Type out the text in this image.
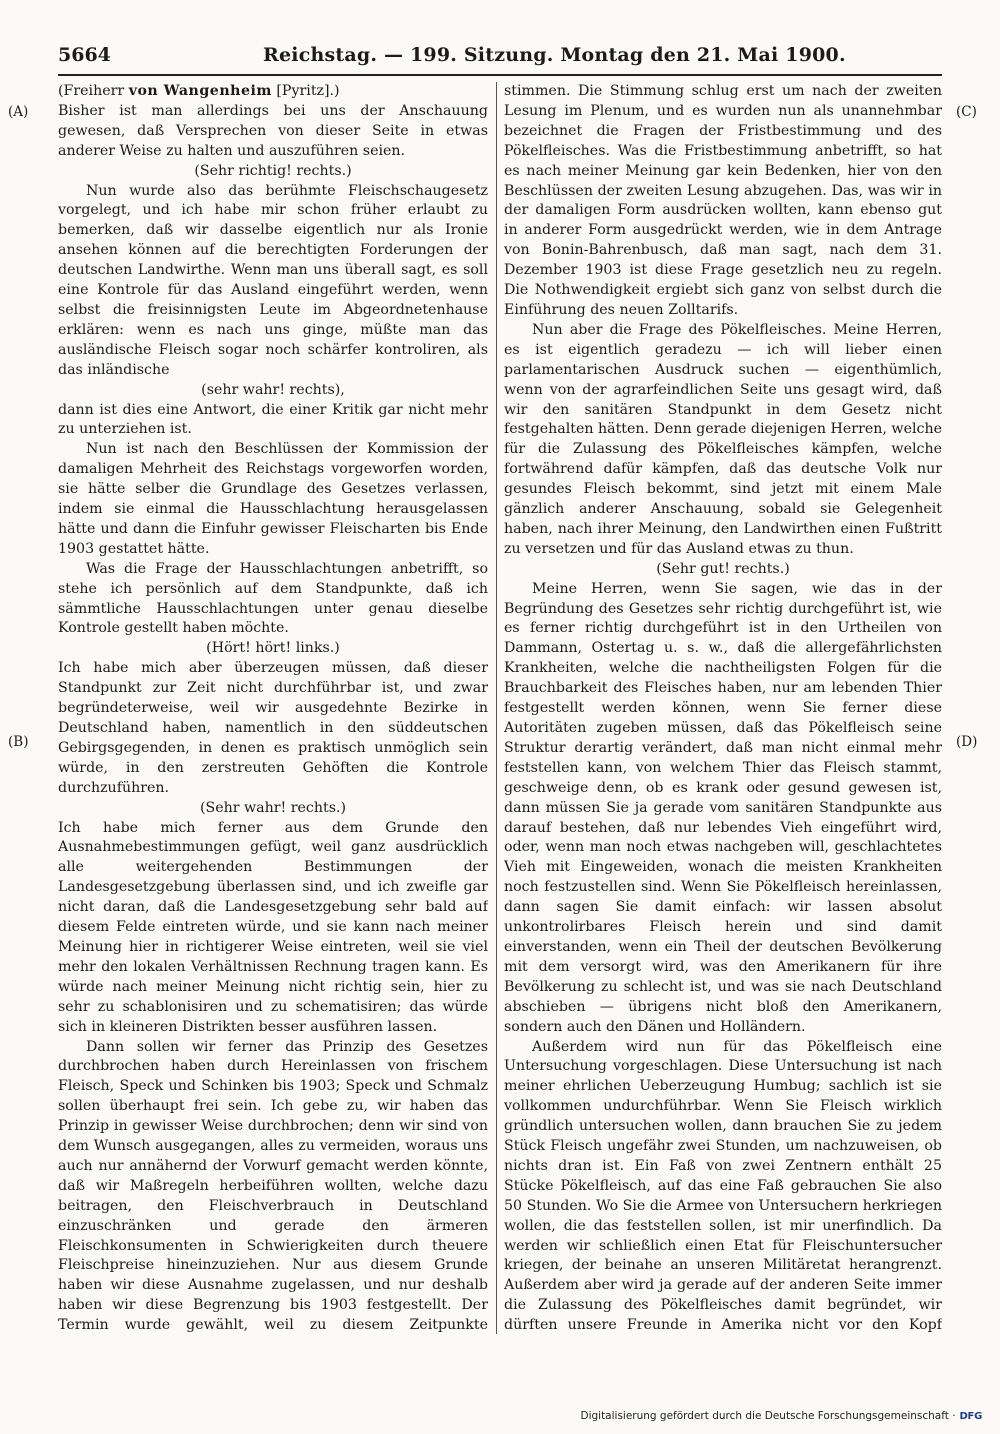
5664	Reichstag. — 199. Sitzung. Montag den 21. Mai 1900.
(A)
(B)
(C)
(D)

(Freiherr von Wangenheim [Pyritz].)

Bisher ist man allerdings bei uns der Anschauung gewesen, daß Versprechen von dieser Seite in etwas anderer Weise zu halten und auszuführen seien.

(Sehr richtig! rechts.)

Nun wurde also das berühmte Fleischschaugesetz vorgelegt, und ich habe mir schon früher erlaubt zu bemerken, daß wir dasselbe eigentlich nur als Ironie ansehen können auf die berechtigten Forderungen der deutschen Landwirthe. Wenn man uns überall sagt, es soll eine Kontrole für das Ausland eingeführt werden, wenn selbst die freisinnigsten Leute im Abgeordnetenhause erklären: wenn es nach uns ginge, müßte man das ausländische Fleisch sogar noch schärfer kontroliren, als das inländische

(sehr wahr! rechts),

dann ist dies eine Antwort, die einer Kritik gar nicht mehr zu unterziehen ist.

Nun ist nach den Beschlüssen der Kommission der damaligen Mehrheit des Reichstags vorgeworfen worden, sie hätte selber die Grundlage des Gesetzes verlassen, indem sie einmal die Hausschlachtung herausgelassen hätte und dann die Einfuhr gewisser Fleischarten bis Ende 1903 gestattet hätte.

Was die Frage der Hausschlachtungen anbetrifft, so stehe ich persönlich auf dem Standpunkte, daß ich sämmtliche Hausschlachtungen unter genau dieselbe Kontrole gestellt haben möchte.

(Hört! hört! links.)

Ich habe mich aber überzeugen müssen, daß dieser Standpunkt zur Zeit nicht durchführbar ist, und zwar begründeterweise, weil wir ausgedehnte Bezirke in Deutschland haben, namentlich in den süddeutschen Gebirgsgegenden, in denen es praktisch unmöglich sein würde, in den zerstreuten Gehöften die Kontrole durchzuführen.

(Sehr wahr! rechts.)

Ich habe mich ferner aus dem Grunde den Ausnahmebestimmungen gefügt, weil ganz ausdrücklich alle weitergehenden Bestimmungen der Landesgesetzgebung überlassen sind, und ich zweifle gar nicht daran, daß die Landesgesetzgebung sehr bald auf diesem Felde eintreten würde, und sie kann nach meiner Meinung hier in richtigerer Weise eintreten, weil sie viel mehr den lokalen Verhältnissen Rechnung tragen kann. Es würde nach meiner Meinung nicht richtig sein, hier zu sehr zu schablonisiren und zu schematisiren; das würde sich in kleineren Distrikten besser ausführen lassen.

Dann sollen wir ferner das Prinzip des Gesetzes durchbrochen haben durch Hereinlassen von frischem Fleisch, Speck und Schinken bis 1903; Speck und Schmalz sollen überhaupt frei sein. Ich gebe zu, wir haben das Prinzip in gewisser Weise durchbrochen; denn wir sind von dem Wunsch ausgegangen, alles zu vermeiden, woraus uns auch nur annähernd der Vorwurf gemacht werden könnte, daß wir Maßregeln herbeiführen wollten, welche dazu beitragen, den Fleischverbrauch in Deutschland einzuschränken und gerade den ärmeren Fleischkonsumenten in Schwierigkeiten durch theuere Fleischpreise hineinzuziehen. Nur aus diesem Grunde haben wir diese Ausnahme zugelassen, und nur deshalb haben wir diese Begrenzung bis 1903 festgestellt. Der Termin wurde gewählt, weil zu diesem Zeitpunkte

stimmen. Die Stimmung schlug erst um nach der zweiten Lesung im Plenum, und es wurden nun als unannehmbar bezeichnet die Fragen der Fristbestimmung und des Pökelfleisches. Was die Fristbestimmung anbetrifft, so hat es nach meiner Meinung gar kein Bedenken, hier von den Beschlüssen der zweiten Lesung abzugehen. Das, was wir in der damaligen Form ausdrücken wollten, kann ebenso gut in anderer Form ausgedrückt werden, wie in dem Antrage von Bonin-Bahrenbusch, daß man sagt, nach dem 31. Dezember 1903 ist diese Frage gesetzlich neu zu regeln. Die Nothwendigkeit ergiebt sich ganz von selbst durch die Einführung des neuen Zolltarifs.

Nun aber die Frage des Pökelfleisches. Meine Herren, es ist eigentlich geradezu — ich will lieber einen parlamentarischen Ausdruck suchen — eigenthümlich, wenn von der agrarfeindlichen Seite uns gesagt wird, daß wir den sanitären Standpunkt in dem Gesetz nicht festgehalten hätten. Denn gerade diejenigen Herren, welche für die Zulassung des Pökelfleisches kämpfen, welche fortwährend dafür kämpfen, daß das deutsche Volk nur gesundes Fleisch bekommt, sind jetzt mit einem Male gänzlich anderer Anschauung, sobald sie Gelegenheit haben, nach ihrer Meinung, den Landwirthen einen Fußtritt zu versetzen und für das Ausland etwas zu thun.

(Sehr gut! rechts.)

Meine Herren, wenn Sie sagen, wie das in der Begründung des Gesetzes sehr richtig durchgeführt ist, wie es ferner richtig durchgeführt ist in den Urtheilen von Dammann, Ostertag u. s. w., daß die allergefährlichsten Krankheiten, welche die nachtheiligsten Folgen für die Brauchbarkeit des Fleisches haben, nur am lebenden Thier festgestellt werden können, wenn Sie ferner diese Autoritäten zugeben müssen, daß das Pökelfleisch seine Struktur derartig verändert, daß man nicht einmal mehr feststellen kann, von welchem Thier das Fleisch stammt, geschweige denn, ob es krank oder gesund gewesen ist, dann müssen Sie ja gerade vom sanitären Standpunkte aus darauf bestehen, daß nur lebendes Vieh eingeführt wird, oder, wenn man noch etwas nachgeben will, geschlachtetes Vieh mit Eingeweiden, wonach die meisten Krankheiten noch festzustellen sind. Wenn Sie Pökelfleisch hereinlassen, dann sagen Sie damit einfach: wir lassen absolut unkontrolirbares Fleisch herein und sind damit einverstanden, wenn ein Theil der deutschen Bevölkerung mit dem versorgt wird, was den Amerikanern für ihre Bevölkerung zu schlecht ist, und was sie nach Deutschland abschieben — übrigens nicht bloß den Amerikanern, sondern auch den Dänen und Holländern.

Außerdem wird nun für das Pökelfleisch eine Untersuchung vorgeschlagen. Diese Untersuchung ist nach meiner ehrlichen Ueberzeugung Humbug; sachlich ist sie vollkommen undurchführbar. Wenn Sie Fleisch wirklich gründlich untersuchen wollen, dann brauchen Sie zu jedem Stück Fleisch ungefähr zwei Stunden, um nachzuweisen, ob nichts dran ist. Ein Faß von zwei Zentnern enthält 25 Stücke Pökelfleisch, auf das eine Faß gebrauchen Sie also 50 Stunden. Wo Sie die Armee von Untersuchern herkriegen wollen, die das feststellen sollen, ist mir unerfindlich. Da werden wir schließlich einen Etat für Fleischuntersucher kriegen, der beinahe an unseren Militäretat herangrenzt. Außerdem aber wird ja gerade auf der anderen Seite immer die Zulassung des Pökelfleisches damit begründet, wir dürften unsere Freunde in Amerika nicht vor den Kopf

Digitalisierung gefördert durch die Deutsche Forschungsgemeinschaft · DFG
